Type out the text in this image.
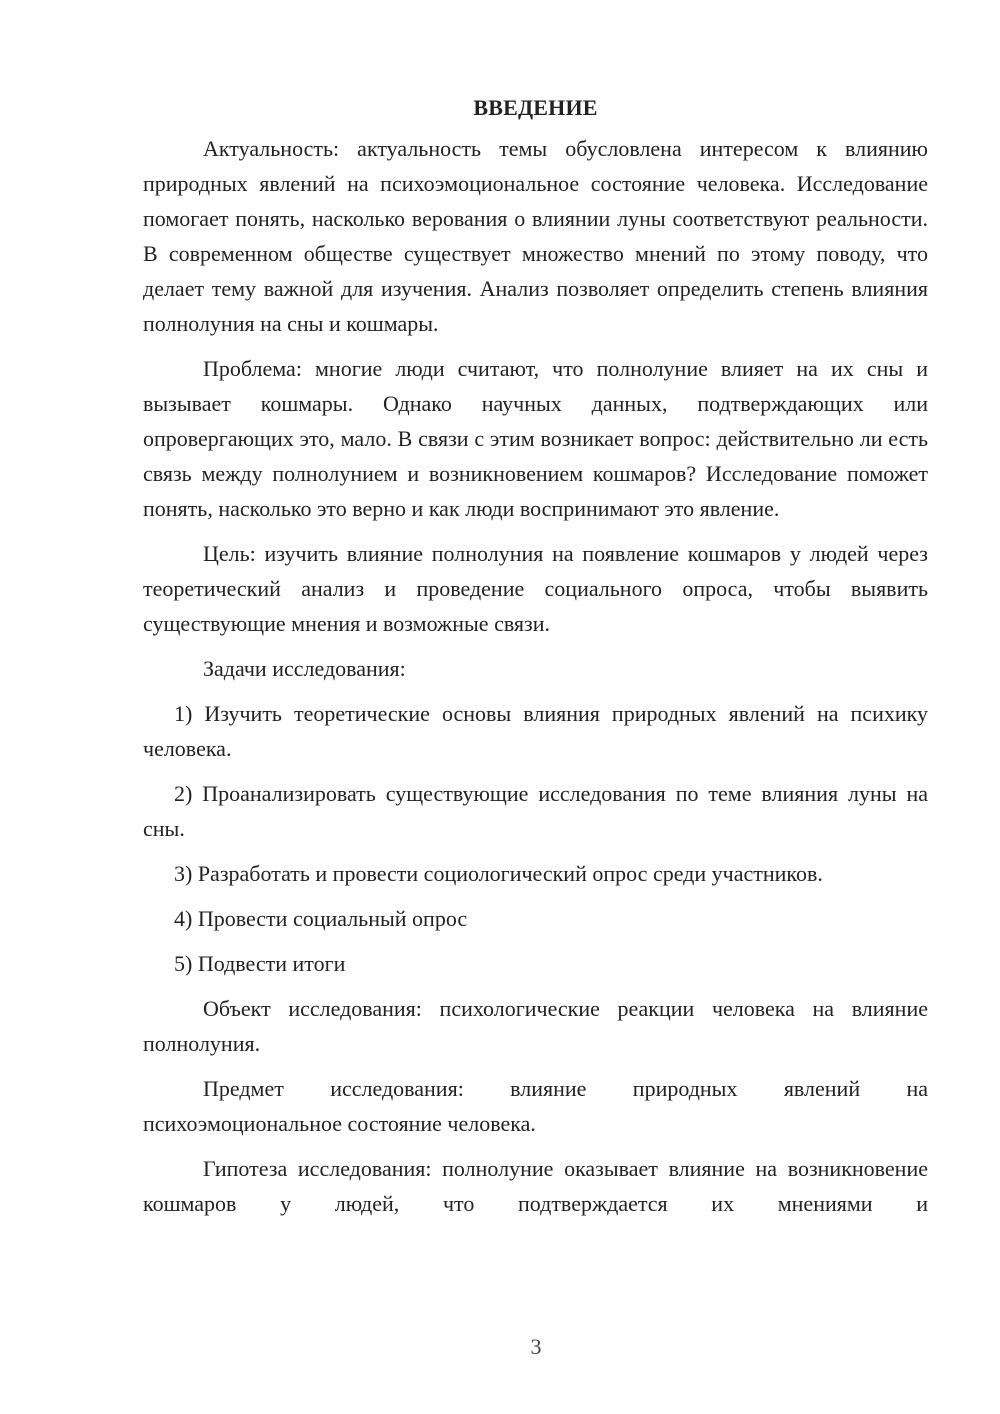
ВВЕДЕНИЕ

Актуальность: актуальность темы обусловлена интересом к влиянию природных явлений на психоэмоциональное состояние человека. Исследование помогает понять, насколько верования о влиянии луны соответствуют реальности. В современном обществе существует множество мнений по этому поводу, что делает тему важной для изучения. Анализ позволяет определить степень влияния полнолуния на сны и кошмары.

Проблема: многие люди считают, что полнолуние влияет на их сны и вызывает кошмары. Однако научных данных, подтверждающих или опровергающих это, мало. В связи с этим возникает вопрос: действительно ли есть связь между полнолунием и возникновением кошмаров? Исследование поможет понять, насколько это верно и как люди воспринимают это явление.

Цель: изучить влияние полнолуния на появление кошмаров у людей через теоретический анализ и проведение социального опроса, чтобы выявить существующие мнения и возможные связи.

Задачи исследования:

1) Изучить теоретические основы влияния природных явлений на психику человека.

2) Проанализировать существующие исследования по теме влияния луны на сны.

3) Разработать и провести социологический опрос среди участников.

4) Провести социальный опрос

5) Подвести итоги

Объект исследования: психологические реакции человека на влияние полнолуния.

Предмет исследования: влияние природных явлений на психоэмоциональное состояние человека.

Гипотеза исследования: полнолуние оказывает влияние на возникновение кошмаров у людей, что подтверждается их мнениями и

3
